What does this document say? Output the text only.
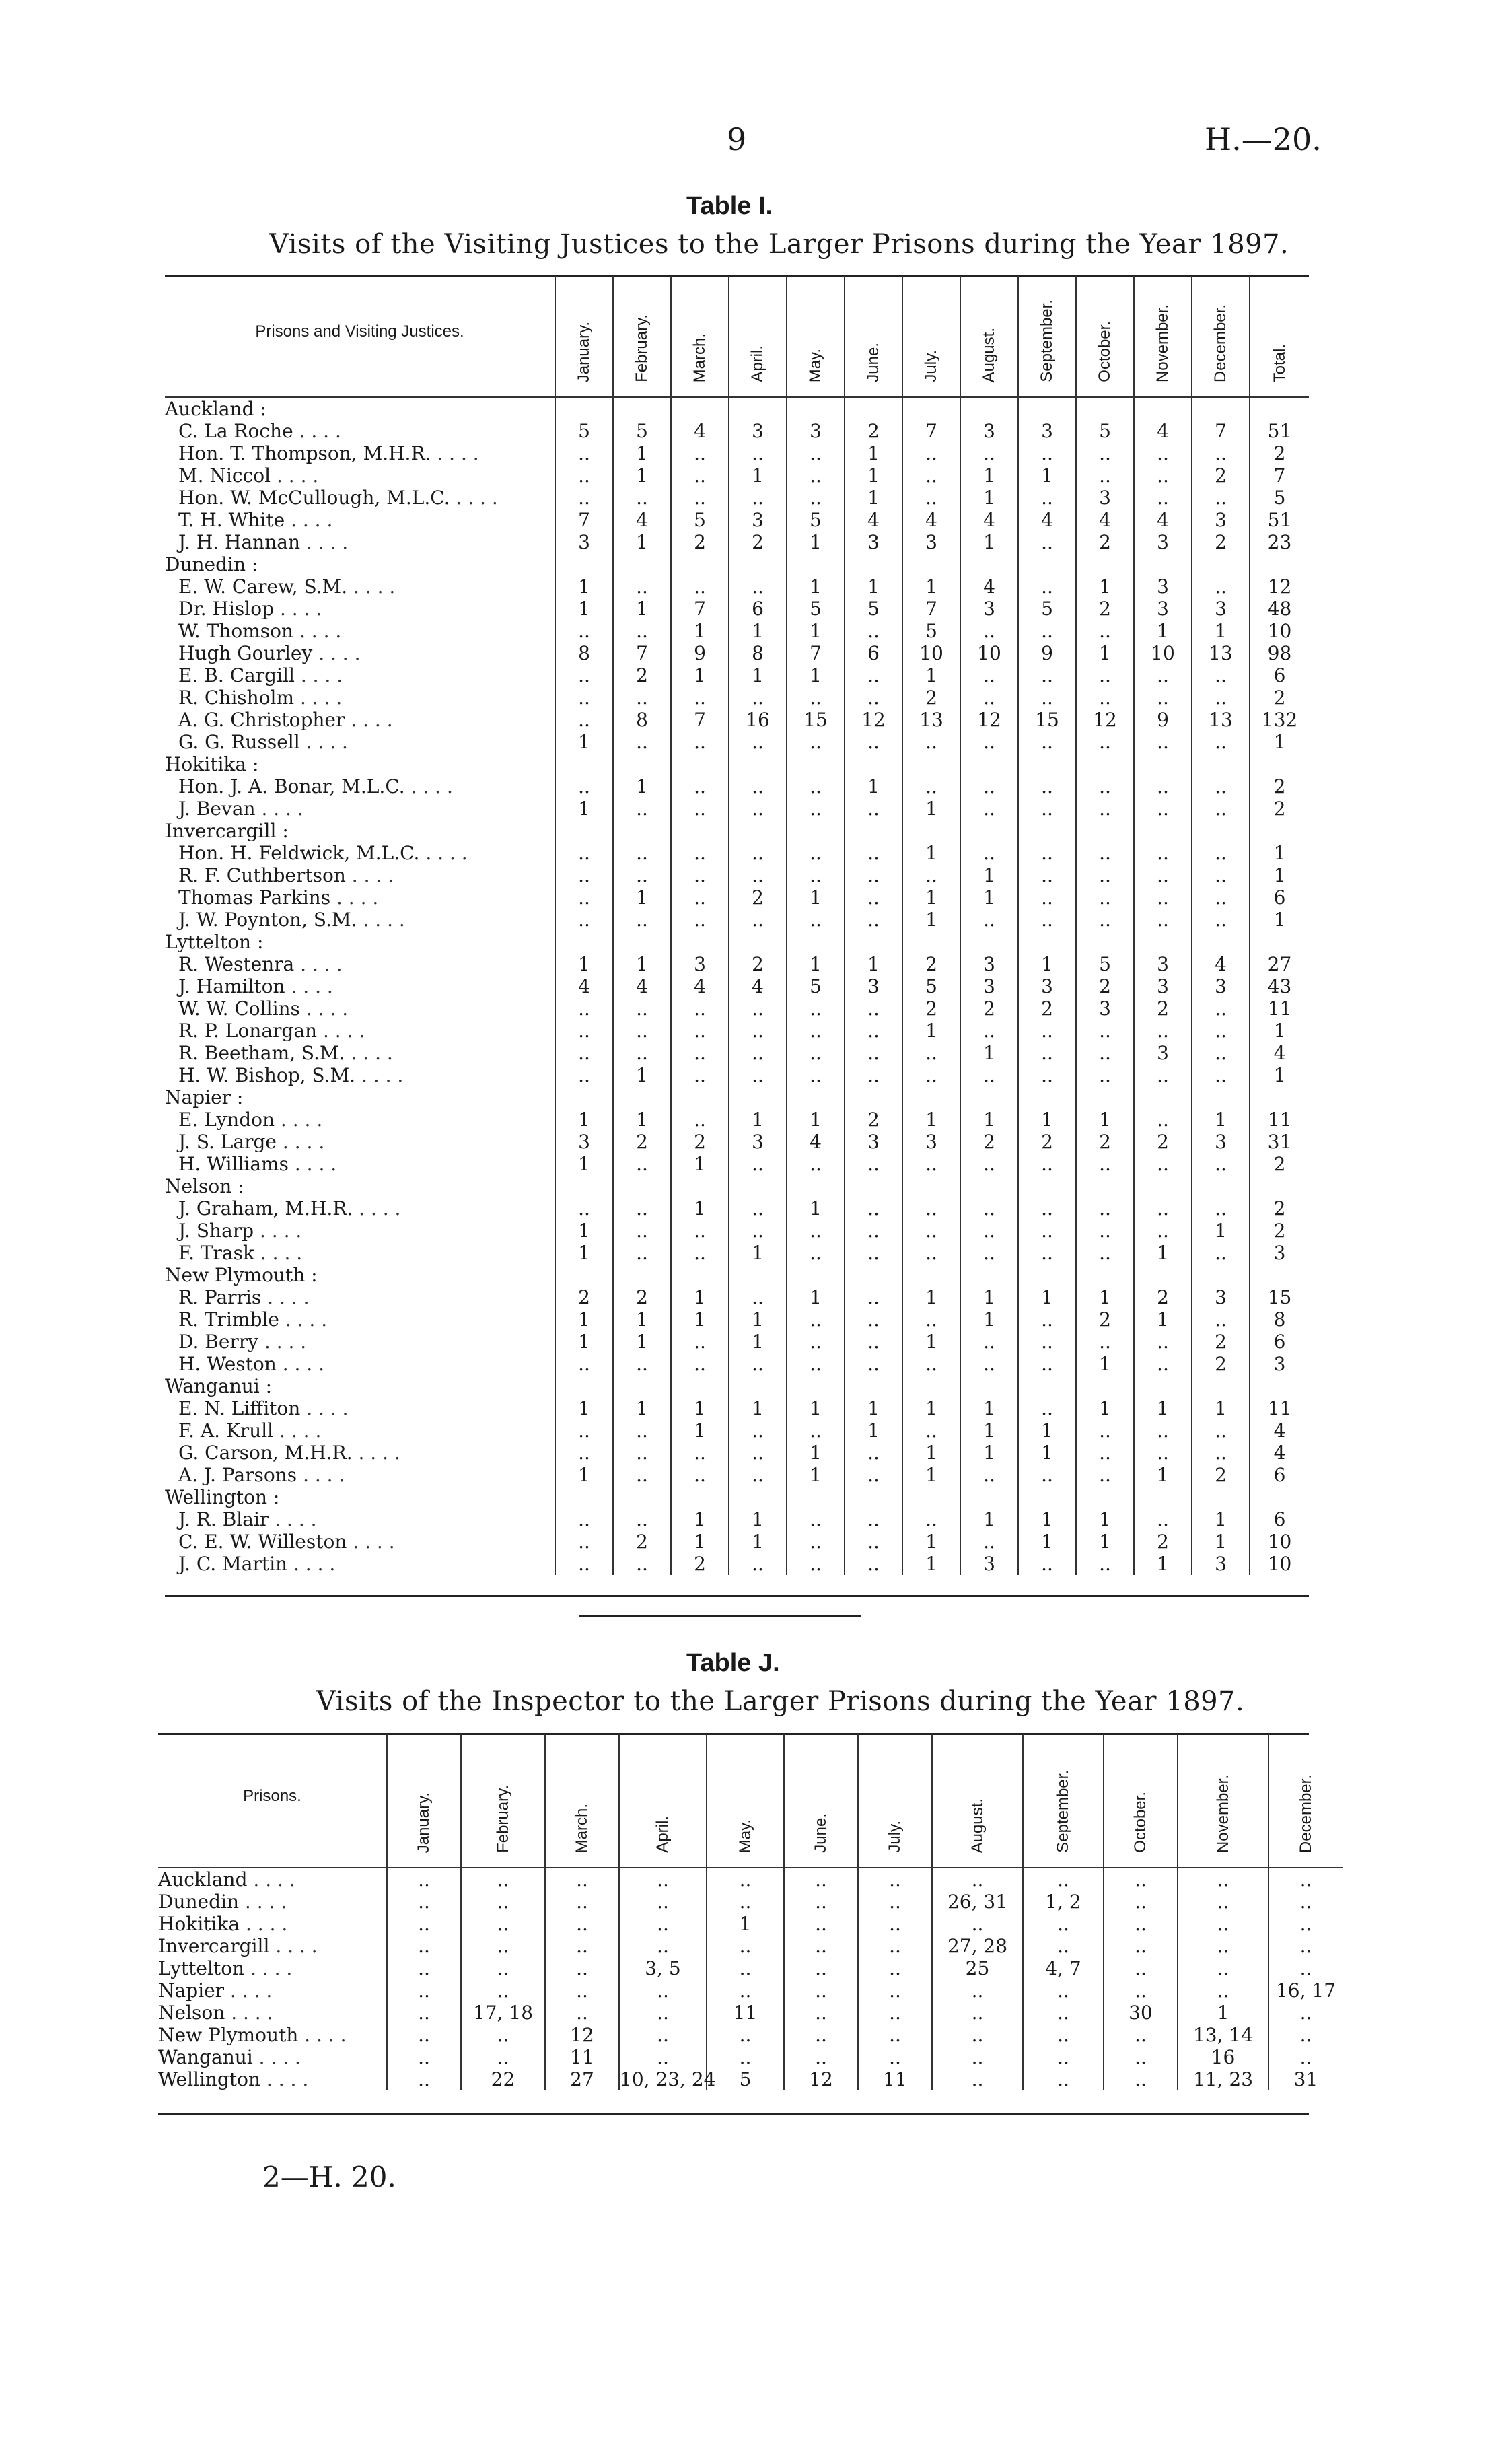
9	H.—20.
Table I.
Visits of the Visiting Justices to the Larger Prisons during the Year 1897.
Prisons and Visiting Justices.	January.	February.	March.	April.	May.	June.	July.	August.	September.	October.	November.	December.	Total.
Auckland :													
C. La Roche . . . .	5	5	4	3	3	2	7	3	3	5	4	7	51
Hon. T. Thompson, M.H.R. . . . .	..	1	..	..	..	1	..	..	..	..	..	..	2
M. Niccol . . . .	..	1	..	1	..	1	..	1	1	..	..	2	7
Hon. W. McCullough, M.L.C. . . . .	..	..	..	..	..	1	..	1	..	3	..	..	5
T. H. White . . . .	7	4	5	3	5	4	4	4	4	4	4	3	51
J. H. Hannan . . . .	3	1	2	2	1	3	3	1	..	2	3	2	23
Dunedin :													
E. W. Carew, S.M. . . . .	1	..	..	..	1	1	1	4	..	1	3	..	12
Dr. Hislop . . . .	1	1	7	6	5	5	7	3	5	2	3	3	48
W. Thomson . . . .	..	..	1	1	1	..	5	..	..	..	1	1	10
Hugh Gourley . . . .	8	7	9	8	7	6	10	10	9	1	10	13	98
E. B. Cargill . . . .	..	2	1	1	1	..	1	..	..	..	..	..	6
R. Chisholm . . . .	..	..	..	..	..	..	2	..	..	..	..	..	2
A. G. Christopher . . . .	..	8	7	16	15	12	13	12	15	12	9	13	132
G. G. Russell . . . .	1	..	..	..	..	..	..	..	..	..	..	..	1
Hokitika :													
Hon. J. A. Bonar, M.L.C. . . . .	..	1	..	..	..	1	..	..	..	..	..	..	2
J. Bevan . . . .	1	..	..	..	..	..	1	..	..	..	..	..	2
Invercargill :													
Hon. H. Feldwick, M.L.C. . . . .	..	..	..	..	..	..	1	..	..	..	..	..	1
R. F. Cuthbertson . . . .	..	..	..	..	..	..	..	1	..	..	..	..	1
Thomas Parkins . . . .	..	1	..	2	1	..	1	1	..	..	..	..	6
J. W. Poynton, S.M. . . . .	..	..	..	..	..	..	1	..	..	..	..	..	1
Lyttelton :													
R. Westenra . . . .	1	1	3	2	1	1	2	3	1	5	3	4	27
J. Hamilton . . . .	4	4	4	4	5	3	5	3	3	2	3	3	43
W. W. Collins . . . .	..	..	..	..	..	..	2	2	2	3	2	..	11
R. P. Lonargan . . . .	..	..	..	..	..	..	1	..	..	..	..	..	1
R. Beetham, S.M. . . . .	..	..	..	..	..	..	..	1	..	..	3	..	4
H. W. Bishop, S.M. . . . .	..	1	..	..	..	..	..	..	..	..	..	..	1
Napier :													
E. Lyndon . . . .	1	1	..	1	1	2	1	1	1	1	..	1	11
J. S. Large . . . .	3	2	2	3	4	3	3	2	2	2	2	3	31
H. Williams . . . .	1	..	1	..	..	..	..	..	..	..	..	..	2
Nelson :													
J. Graham, M.H.R. . . . .	..	..	1	..	1	..	..	..	..	..	..	..	2
J. Sharp . . . .	1	..	..	..	..	..	..	..	..	..	..	1	2
F. Trask . . . .	1	..	..	1	..	..	..	..	..	..	1	..	3
New Plymouth :													
R. Parris . . . .	2	2	1	..	1	..	1	1	1	1	2	3	15
R. Trimble . . . .	1	1	1	1	..	..	..	1	..	2	1	..	8
D. Berry . . . .	1	1	..	1	..	..	1	..	..	..	..	2	6
H. Weston . . . .	..	..	..	..	..	..	..	..	..	1	..	2	3
Wanganui :													
E. N. Liffiton . . . .	1	1	1	1	1	1	1	1	..	1	1	1	11
F. A. Krull . . . .	..	..	1	..	..	1	..	1	1	..	..	..	4
G. Carson, M.H.R. . . . .	..	..	..	..	1	..	1	1	1	..	..	..	4
A. J. Parsons . . . .	1	..	..	..	1	..	1	..	..	..	1	2	6
Wellington :													
J. R. Blair . . . .	..	..	1	1	..	..	..	1	1	1	..	1	6
C. E. W. Willeston . . . .	..	2	1	1	..	..	1	..	1	1	2	1	10
J. C. Martin . . . .	..	..	2	..	..	..	1	3	..	..	1	3	10
Table J.
Visits of the Inspector to the Larger Prisons during the Year 1897.
Prisons.	January.	February.	March.	April.	May.	June.	July.	August.	September.	October.	November.	December.
Auckland . . . .	..	..	..	..	..	..	..	..	..	..	..	..
Dunedin . . . .	..	..	..	..	..	..	..	26, 31	1, 2	..	..	..
Hokitika . . . .	..	..	..	..	1	..	..	..	..	..	..	..
Invercargill . . . .	..	..	..	..	..	..	..	27, 28	..	..	..	..
Lyttelton . . . .	..	..	..	3, 5	..	..	..	25	4, 7	..	..	..
Napier . . . .	..	..	..	..	..	..	..	..	..	..	..	16, 17
Nelson . . . .	..	17, 18	..	..	11	..	..	..	..	30	1	..
New Plymouth . . . .	..	..	12	..	..	..	..	..	..	..	13, 14	..
Wanganui . . . .	..	..	11	..	..	..	..	..	..	..	16	..
Wellington . . . .	..	22	27	10, 23, 24	5	12	11	..	..	..	11, 23	31
2—H. 20.
